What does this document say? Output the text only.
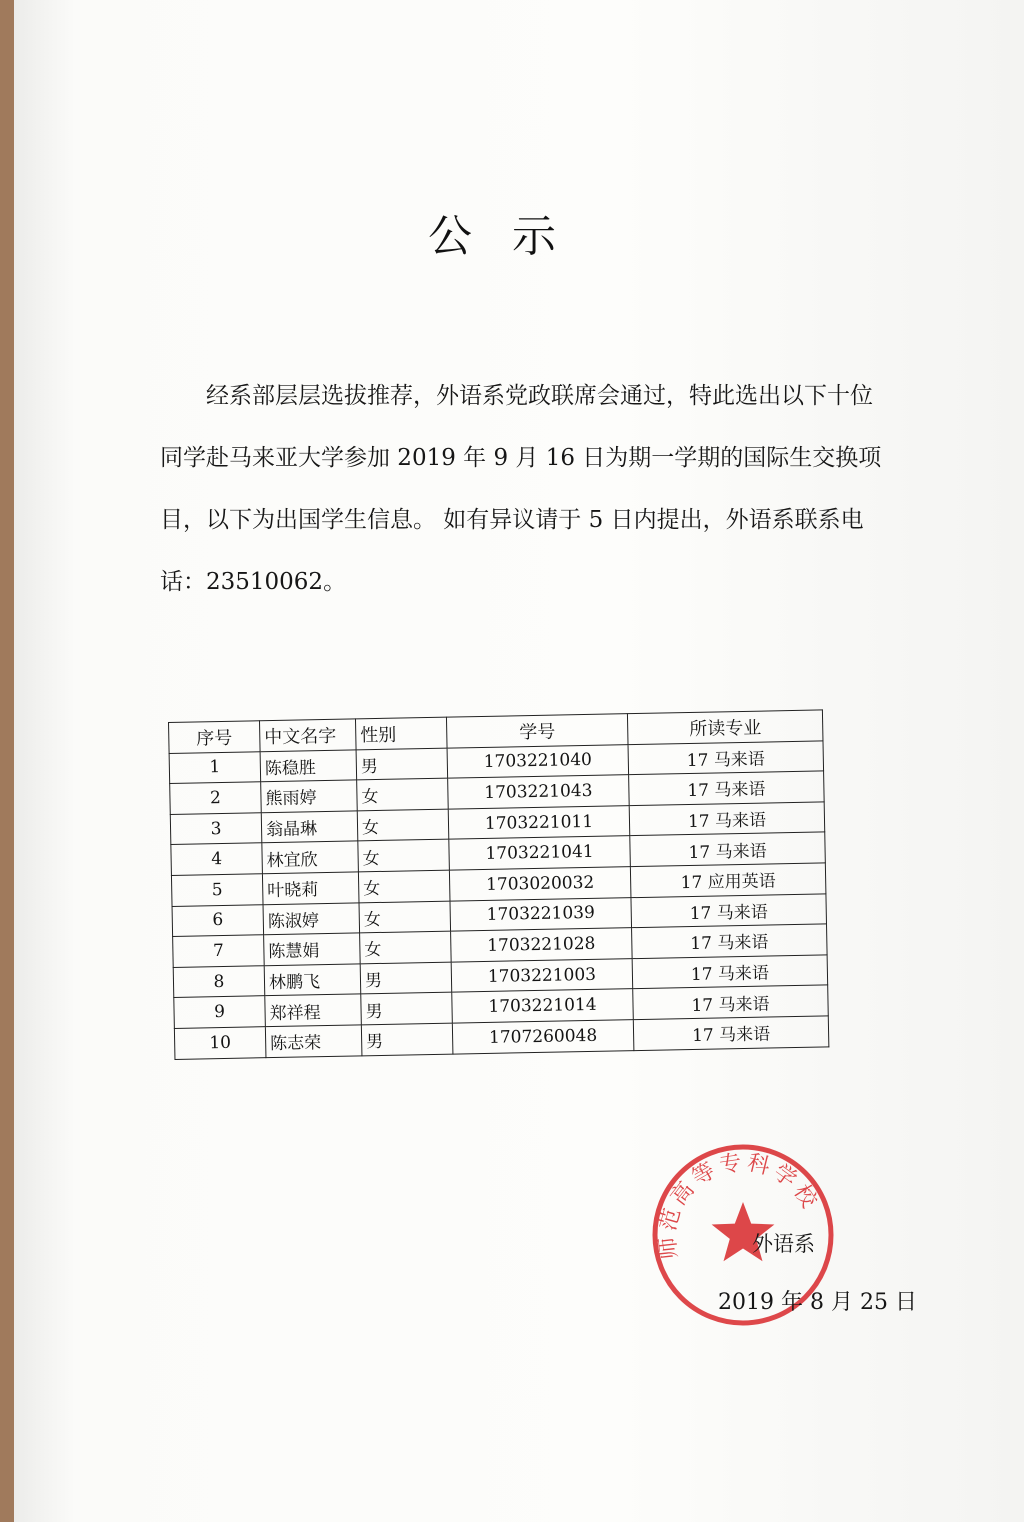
公示
经系部层层选拔推荐，外语系党政联席会通过，特此选出以下十位同学赴马来亚大学参加 2019 年 9 月 16 日为期一学期的国际生交换项目，以下为出国学生信息。 如有异议请于 5 日内提出，外语系联系电话：23510062。
序号	中文名字	性别	学号	所读专业
1	陈稳胜	男	1703221040	17 马来语
2	熊雨婷	女	1703221043	17 马来语
3	翁晶琳	女	1703221011	17 马来语
4	林宜欣	女	1703221041	17 马来语
5	叶晓莉	女	1703020032	17 应用英语
6	陈淑婷	女	1703221039	17 马来语
7	陈慧娟	女	1703221028	17 马来语
8	林鹏飞	男	1703221003	17 马来语
9	郑祥程	男	1703221014	17 马来语
10	陈志荣	男	1707260048	17 马来语
师范高等专科学校
外语系
2019 年 8 月 25 日
